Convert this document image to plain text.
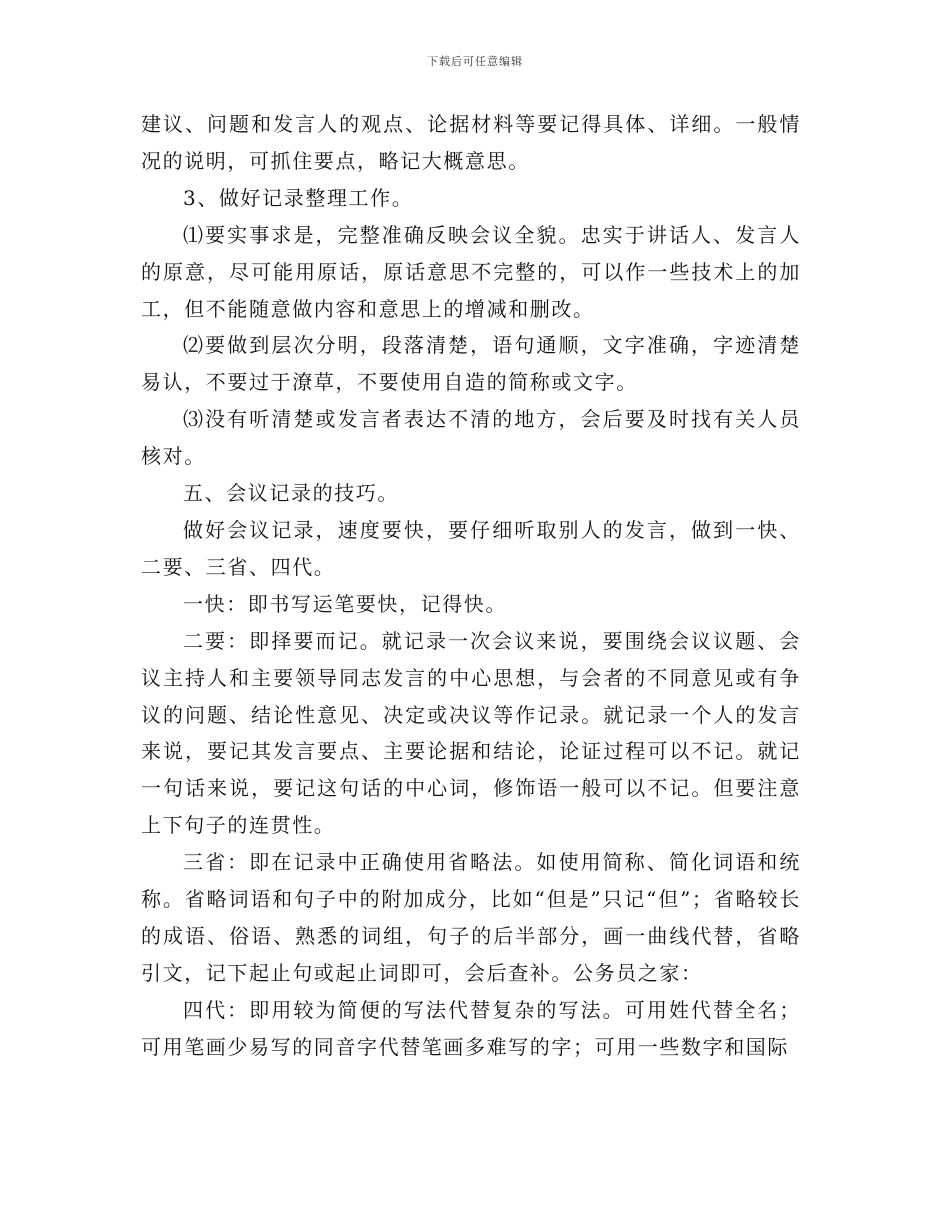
下载后可任意编辑

建议、问题和发言人的观点、论据材料等要记得具体、详细。一般情况的说明，可抓住要点，略记大概意思。

3、做好记录整理工作。

⑴要实事求是，完整准确反映会议全貌。忠实于讲话人、发言人的原意，尽可能用原话，原话意思不完整的，可以作一些技术上的加工，但不能随意做内容和意思上的增减和删改。

⑵要做到层次分明，段落清楚，语句通顺，文字准确，字迹清楚易认，不要过于潦草，不要使用自造的简称或文字。

⑶没有听清楚或发言者表达不清的地方，会后要及时找有关人员核对。

五、会议记录的技巧。

做好会议记录，速度要快，要仔细听取别人的发言，做到一快、二要、三省、四代。

一快：即书写运笔要快，记得快。

二要：即择要而记。就记录一次会议来说，要围绕会议议题、会议主持人和主要领导同志发言的中心思想，与会者的不同意见或有争议的问题、结论性意见、决定或决议等作记录。就记录一个人的发言来说，要记其发言要点、主要论据和结论，论证过程可以不记。就记一句话来说，要记这句话的中心词，修饰语一般可以不记。但要注意上下句子的连贯性。

三省：即在记录中正确使用省略法。如使用简称、简化词语和统称。省略词语和句子中的附加成分，比如“但是”只记“但”；省略较长的成语、俗语、熟悉的词组，句子的后半部分，画一曲线代替，省略引文，记下起止句或起止词即可，会后查补。公务员之家：

四代：即用较为简便的写法代替复杂的写法。可用姓代替全名；可用笔画少易写的同音字代替笔画多难写的字；可用一些数字和国际
